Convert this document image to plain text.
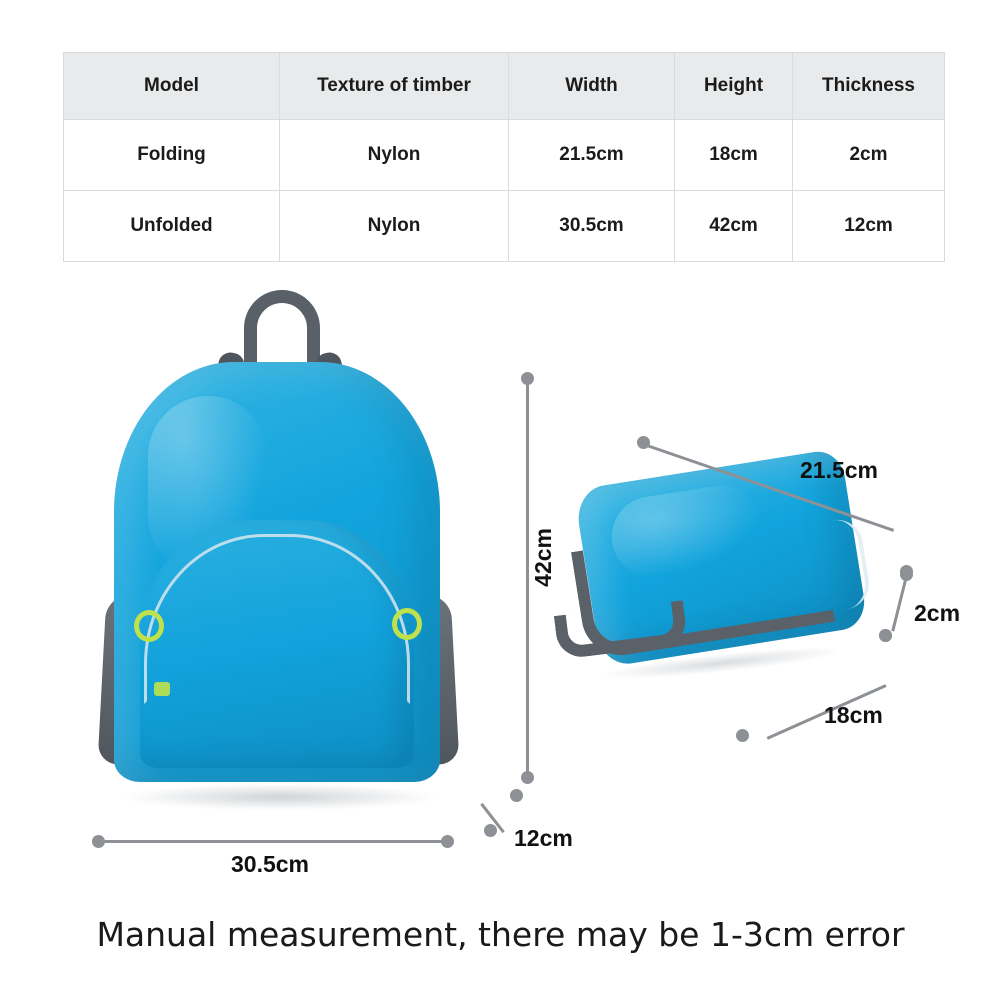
Model	Texture of timber	Width	Height	Thickness
Folding	Nylon	21.5cm	18cm	2cm
Unfolded	Nylon	30.5cm	42cm	12cm
42cm
30.5cm
12cm
21.5cm
2cm
18cm
Manual measurement, there may be 1-3cm error
